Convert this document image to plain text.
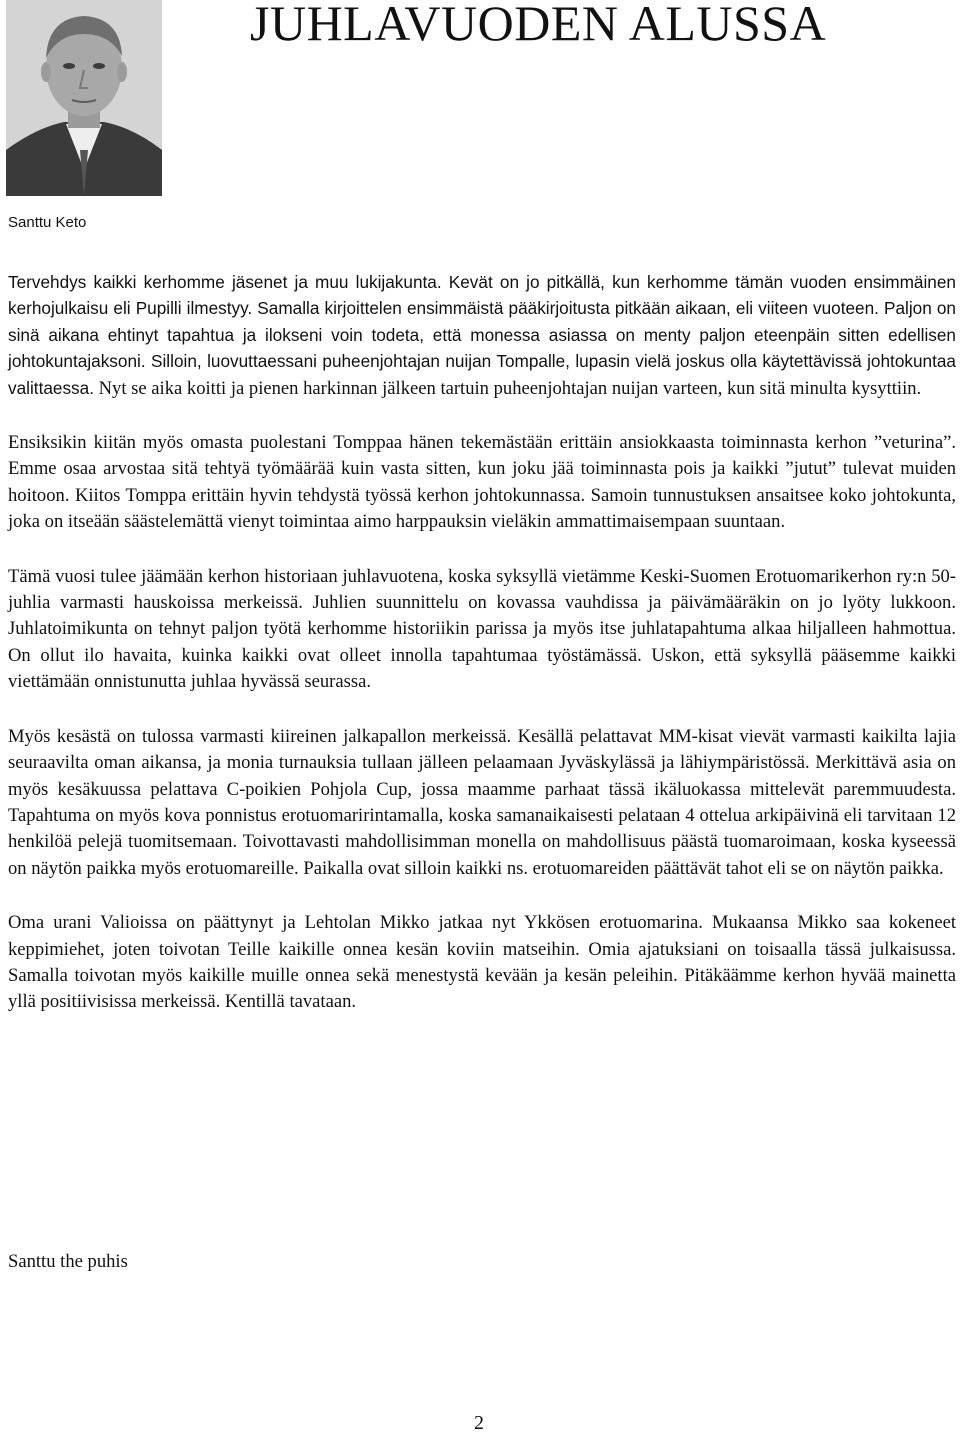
Santtu Keto
JUHLAVUODEN ALUSSA

Tervehdys kaikki kerhomme jäsenet ja muu lukijakunta. Kevät on jo pitkällä, kun kerhomme tämän vuoden ensimmäinen kerhojulkaisu eli Pupilli ilmestyy. Samalla kirjoittelen ensimmäistä pääkirjoitusta pitkään aikaan, eli viiteen vuoteen. Paljon on sinä aikana ehtinyt tapahtua ja ilokseni voin todeta, että monessa asiassa on menty paljon eteenpäin sitten edellisen johtokuntajaksoni. Silloin, luovuttaessani puheenjohtajan nuijan Tompalle, lupasin vielä joskus olla käytettävissä johtokuntaa valittaessa. Nyt se aika koitti ja pienen harkinnan jälkeen tartuin puheenjohtajan nuijan varteen, kun sitä minulta kysyttiin.

Ensiksikin kiitän myös omasta puolestani Tomppaa hänen tekemästään erittäin ansiokkaasta toiminnasta kerhon ”veturina”. Emme osaa arvostaa sitä tehtyä työmäärää kuin vasta sitten, kun joku jää toiminnasta pois ja kaikki ”jutut” tulevat muiden hoitoon. Kiitos Tomppa erittäin hyvin tehdystä työssä kerhon johtokunnassa. Samoin tunnustuksen ansaitsee koko johtokunta, joka on itseään säästelemättä vienyt toimintaa aimo harppauksin vieläkin ammattimaisempaan suuntaan.

Tämä vuosi tulee jäämään kerhon historiaan juhlavuotena, koska syksyllä vietämme Keski-Suomen Erotuomarikerhon ry:n 50-juhlia varmasti hauskoissa merkeissä. Juhlien suunnittelu on kovassa vauhdissa ja päivämääräkin on jo lyöty lukkoon. Juhlatoimikunta on tehnyt paljon työtä kerhomme historiikin parissa ja myös itse juhlatapahtuma alkaa hiljalleen hahmottua. On ollut ilo havaita, kuinka kaikki ovat olleet innolla tapahtumaa työstämässä. Uskon, että syksyllä pääsemme kaikki viettämään onnistunutta juhlaa hyvässä seurassa.

Myös kesästä on tulossa varmasti kiireinen jalkapallon merkeissä. Kesällä pelattavat MM-kisat vievät varmasti kaikilta lajia seuraavilta oman aikansa, ja monia turnauksia tullaan jälleen pelaamaan Jyväskylässä ja lähiympäristössä. Merkittävä asia on myös kesäkuussa pelattava C-poikien Pohjola Cup, jossa maamme parhaat tässä ikäluokassa mittelevät paremmuudesta. Tapahtuma on myös kova ponnistus erotuomaririntamalla, koska samanaikaisesti pelataan 4 ottelua arkipäivinä eli tarvitaan 12 henkilöä pelejä tuomitsemaan. Toivottavasti mahdollisimman monella on mahdollisuus päästä tuomaroimaan, koska kyseessä on näytön paikka myös erotuomareille. Paikalla ovat silloin kaikki ns. erotuomareiden päättävät tahot eli se on näytön paikka.

Oma urani Valioissa on päättynyt ja Lehtolan Mikko jatkaa nyt Ykkösen erotuomarina. Mukaansa Mikko saa kokeneet keppimiehet, joten toivotan Teille kaikille onnea kesän koviin matseihin. Omia ajatuksiani on toisaalla tässä julkaisussa. Samalla toivotan myös kaikille muille onnea sekä menestystä kevään ja kesän peleihin. Pitäkäämme kerhon hyvää mainetta yllä positiivisissa merkeissä. Kentillä tavataan.

Santtu the puhis
2
